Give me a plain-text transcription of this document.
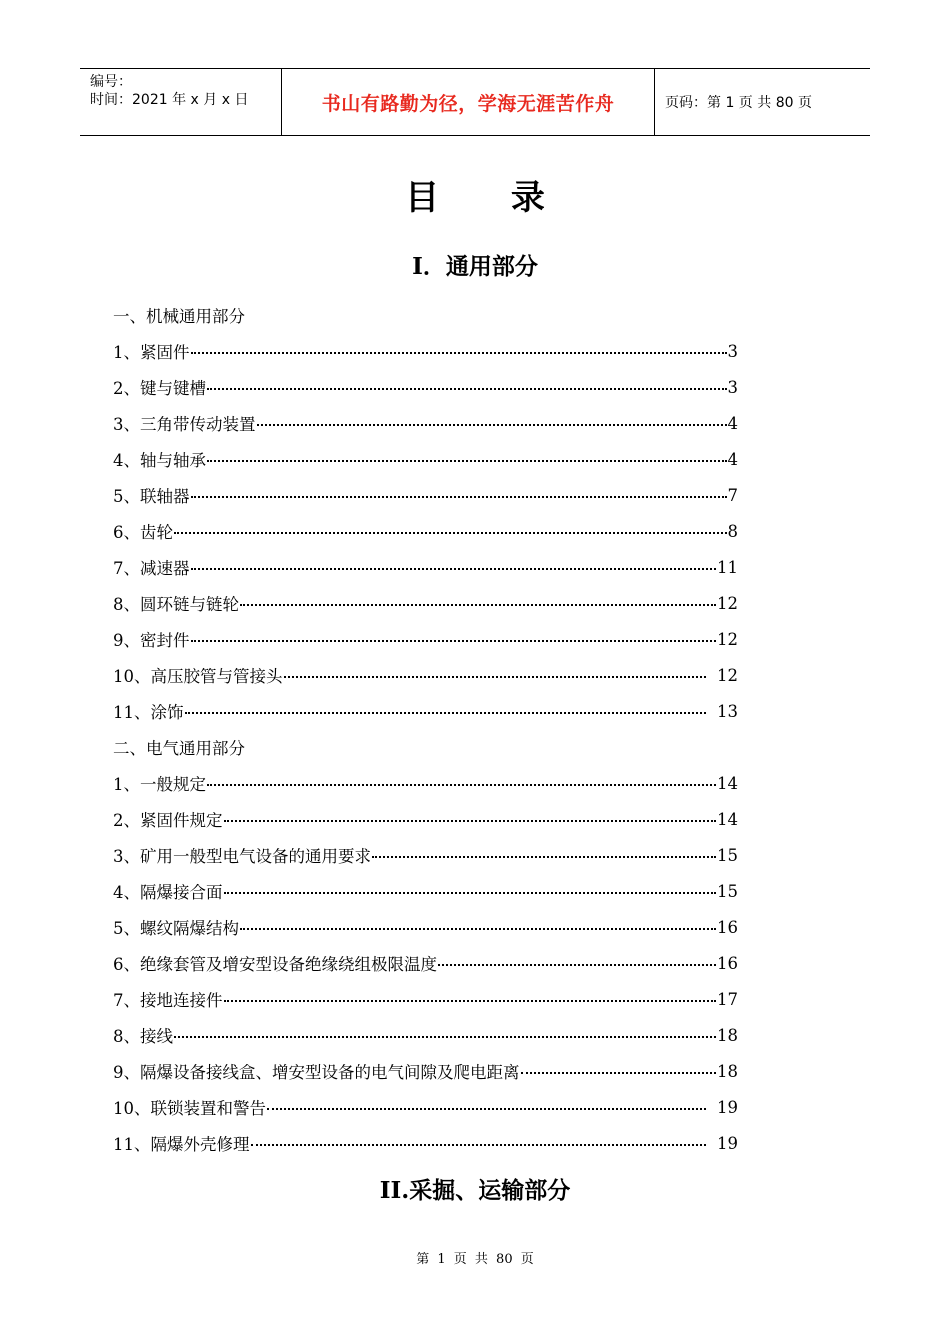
编号：
时间：2021 年 x 月 x 日	书山有路勤为径，学海无涯苦作舟	页码：第 1 页 共 80 页
目 录
I．通用部分
一、机械通用部分
1、紧固件	3
2、键与键槽	3
3、三角带传动装置	4
4、轴与轴承	4
5、联轴器	7
6、齿轮	8
7、减速器	11
8、圆环链与链轮	12
9、密封件	12
10、高压胶管与管接头	12
11、涂饰	13
二、电气通用部分
1、一般规定	14
2、紧固件规定	14
3、矿用一般型电气设备的通用要求	15
4、隔爆接合面	15
5、螺纹隔爆结构	16
6、绝缘套管及增安型设备绝缘绕组极限温度	16
7、接地连接件	17
8、接线	18
9、隔爆设备接线盒、增安型设备的电气间隙及爬电距离	18
10、联锁装置和警告	19
11、隔爆外壳修理	19
II.采掘、运输部分
第 1 页 共 80 页
